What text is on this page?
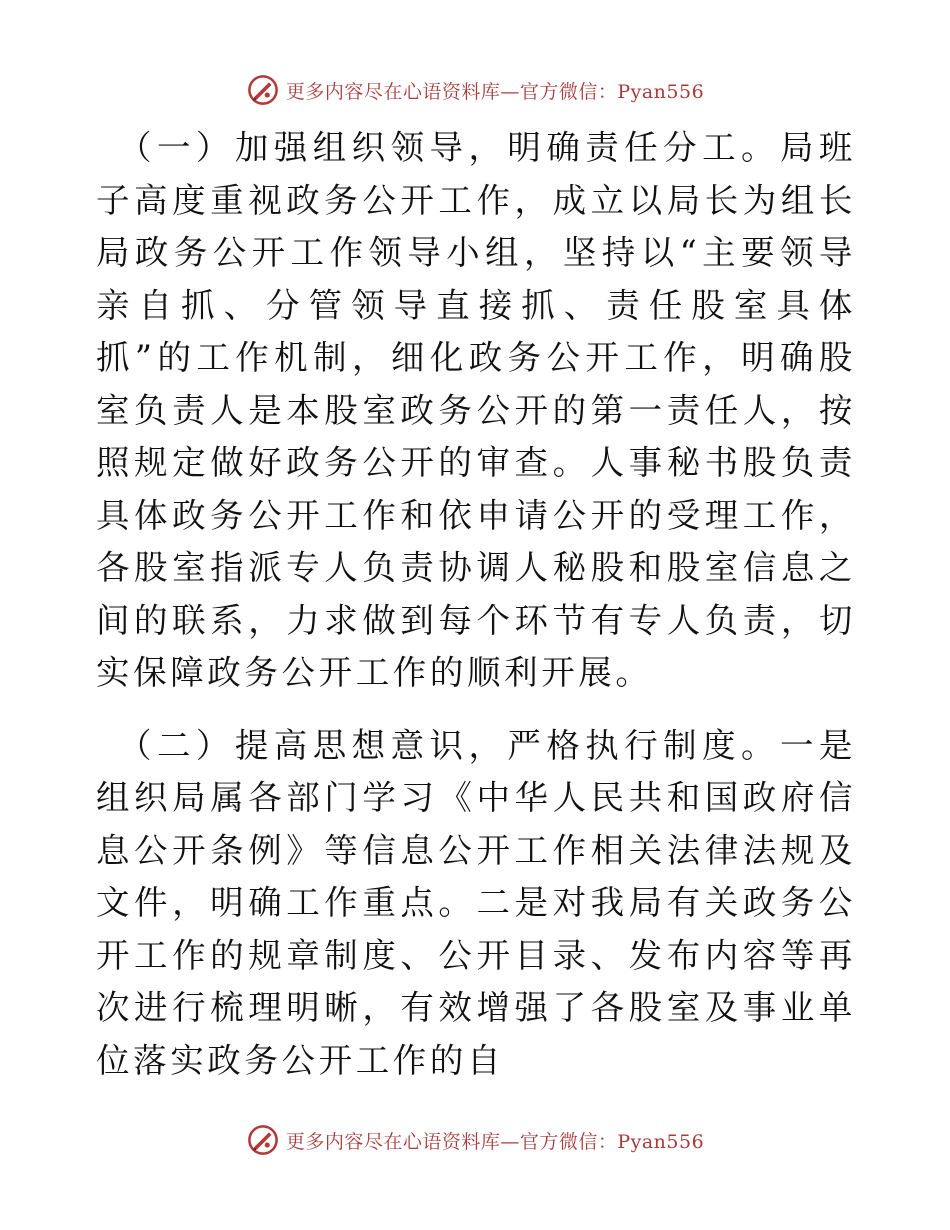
更多内容尽在心语资料库—官方微信：Pyan556

（一）加强组织领导，明确责任分工。局班子高度重视政务公开工作，成立以局长为组长局政务公开工作领导小组，坚持以“主要领导亲自抓、分管领导直接抓、责任股室具体抓”的工作机制，细化政务公开工作，明确股室负责人是本股室政务公开的第一责任人，按照规定做好政务公开的审查。人事秘书股负责具体政务公开工作和依申请公开的受理工作，各股室指派专人负责协调人秘股和股室信息之间的联系，力求做到每个环节有专人负责，切实保障政务公开工作的顺利开展。

（二）提高思想意识，严格执行制度。一是组织局属各部门学习《中华人民共和国政府信息公开条例》等信息公开工作相关法律法规及文件，明确工作重点。二是对我局有关政务公开工作的规章制度、公开目录、发布内容等再次进行梳理明晰，有效增强了各股室及事业单位落实政务公开工作的自

更多内容尽在心语资料库—官方微信：Pyan556
